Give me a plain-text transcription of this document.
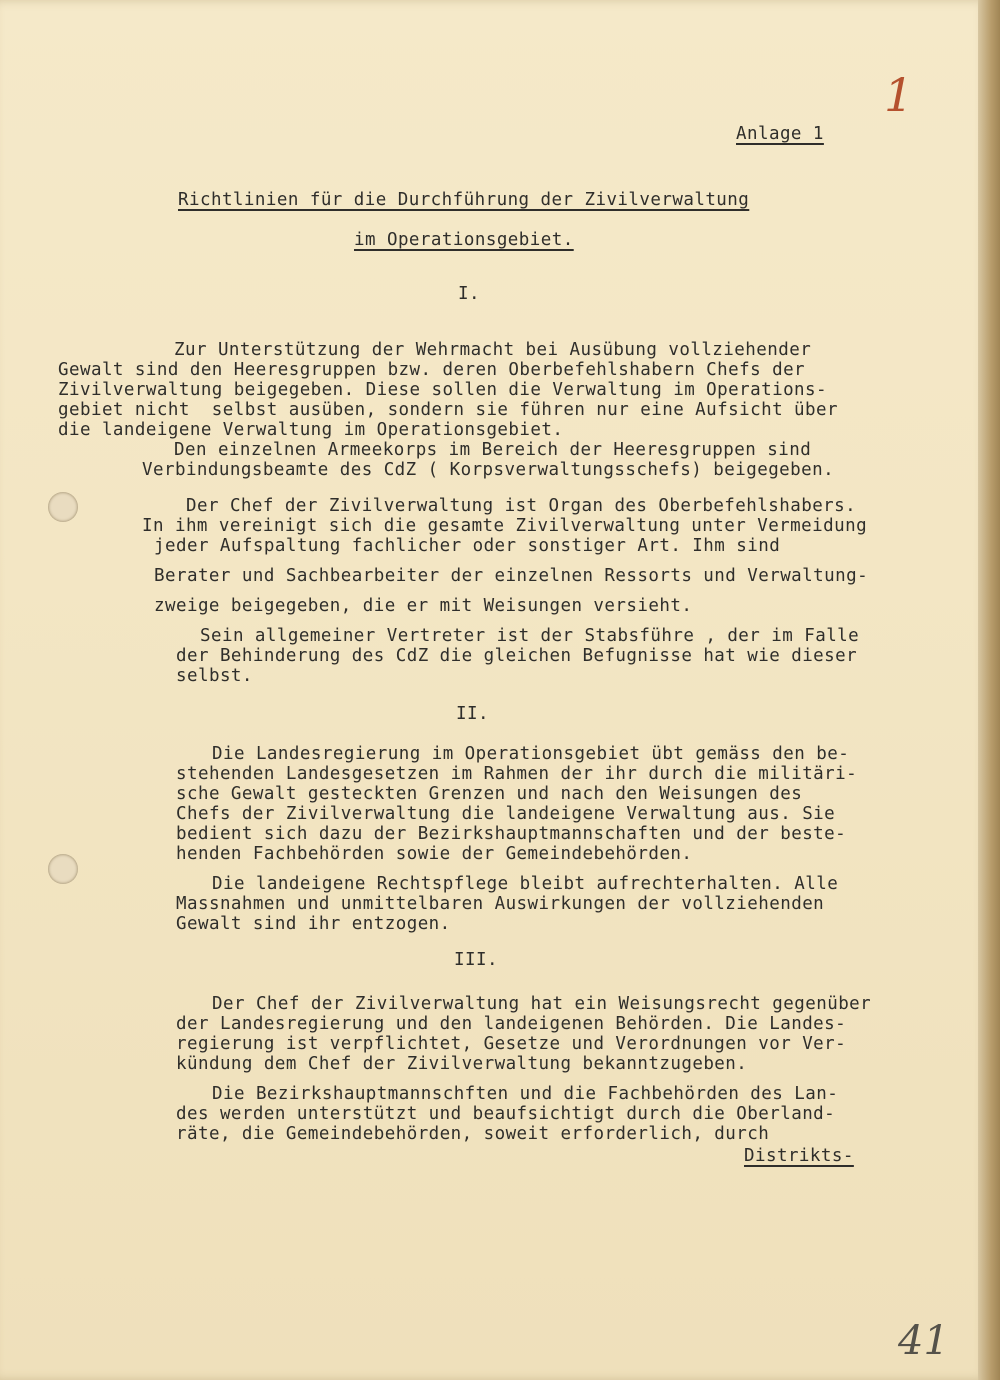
1
41
Anlage 1
Richtlinien für die Durchführung der Zivilverwaltung
im Operationsgebiet.
I.
Zur Unterstützung der Wehrmacht bei Ausübung vollziehender
Gewalt sind den Heeresgruppen bzw. deren Oberbefehlshabern Chefs der
Zivilverwaltung beigegeben. Diese sollen die Verwaltung im Operations-
gebiet nicht  selbst ausüben, sondern sie führen nur eine Aufsicht über
die landeigene Verwaltung im Operationsgebiet.
Den einzelnen Armeekorps im Bereich der Heeresgruppen sind
Verbindungsbeamte des CdZ ( Korpsverwaltungsschefs) beigegeben.
Der Chef der Zivilverwaltung ist Organ des Oberbefehlshabers.
In ihm vereinigt sich die gesamte Zivilverwaltung unter Vermeidung
jeder Aufspaltung fachlicher oder sonstiger Art. Ihm sind
Berater und Sachbearbeiter der einzelnen Ressorts und Verwaltung-
zweige beigegeben, die er mit Weisungen versieht.
Sein allgemeiner Vertreter ist der Stabsführe , der im Falle
der Behinderung des CdZ die gleichen Befugnisse hat wie dieser
selbst.
II.
Die Landesregierung im Operationsgebiet übt gemäss den be-
stehenden Landesgesetzen im Rahmen der ihr durch die militäri-
sche Gewalt gesteckten Grenzen und nach den Weisungen des
Chefs der Zivilverwaltung die landeigene Verwaltung aus. Sie
bedient sich dazu der Bezirkshauptmannschaften und der beste-
henden Fachbehörden sowie der Gemeindebehörden.
Die landeigene Rechtspflege bleibt aufrechterhalten. Alle
Massnahmen und unmittelbaren Auswirkungen der vollziehenden
Gewalt sind ihr entzogen.
III.
Der Chef der Zivilverwaltung hat ein Weisungsrecht gegenüber
der Landesregierung und den landeigenen Behörden. Die Landes-
regierung ist verpflichtet, Gesetze und Verordnungen vor Ver-
kündung dem Chef der Zivilverwaltung bekanntzugeben.
Die Bezirkshauptmannschften und die Fachbehörden des Lan-
des werden unterstützt und beaufsichtigt durch die Oberland-
räte, die Gemeindebehörden, soweit erforderlich, durch
Distrikts-
